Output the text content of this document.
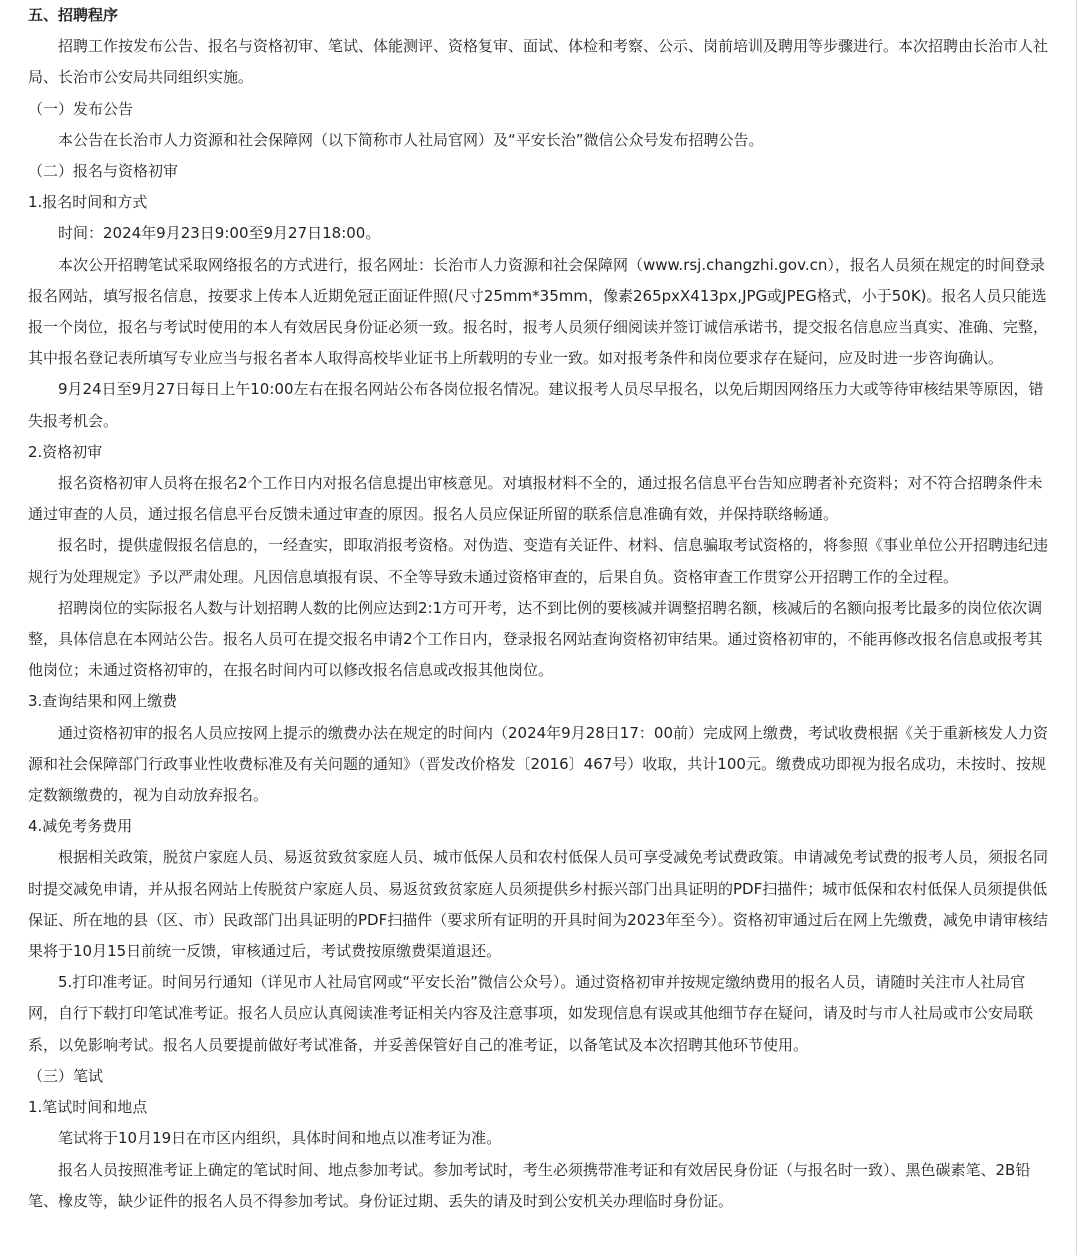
五、招聘程序

招聘工作按发布公告、报名与资格初审、笔试、体能测评、资格复审、面试、体检和考察、公示、岗前培训及聘用等步骤进行。本次招聘由长治市人社局、长治市公安局共同组织实施。

（一）发布公告

本公告在长治市人力资源和社会保障网（以下简称市人社局官网）及“平安长治”微信公众号发布招聘公告。

（二）报名与资格初审

1.报名时间和方式

时间：2024年9月23日9:00至9月27日18:00。

本次公开招聘笔试采取网络报名的方式进行，报名网址：长治市人力资源和社会保障网（www.rsj.changzhi.gov.cn），报名人员须在规定的时间登录报名网站，填写报名信息，按要求上传本人近期免冠正面证件照(尺寸25mm*35mm，像素265pxX413px,JPG或JPEG格式，小于50K)。报名人员只能选报一个岗位，报名与考试时使用的本人有效居民身份证必须一致。报名时，报考人员须仔细阅读并签订诚信承诺书，提交报名信息应当真实、准确、完整，其中报名登记表所填写专业应当与报名者本人取得高校毕业证书上所载明的专业一致。如对报考条件和岗位要求存在疑问，应及时进一步咨询确认。

9月24日至9月27日每日上午10:00左右在报名网站公布各岗位报名情况。建议报考人员尽早报名，以免后期因网络压力大或等待审核结果等原因，错失报考机会。

2.资格初审

报名资格初审人员将在报名2个工作日内对报名信息提出审核意见。对填报材料不全的，通过报名信息平台告知应聘者补充资料；对不符合招聘条件未通过审查的人员，通过报名信息平台反馈未通过审查的原因。报名人员应保证所留的联系信息准确有效，并保持联络畅通。

报名时，提供虚假报名信息的，一经查实，即取消报考资格。对伪造、变造有关证件、材料、信息骗取考试资格的，将参照《事业单位公开招聘违纪违规行为处理规定》予以严肃处理。凡因信息填报有误、不全等导致未通过资格审查的，后果自负。资格审查工作贯穿公开招聘工作的全过程。

招聘岗位的实际报名人数与计划招聘人数的比例应达到2:1方可开考，达不到比例的要核减并调整招聘名额，核减后的名额向报考比最多的岗位依次调整，具体信息在本网站公告。报名人员可在提交报名申请2个工作日内，登录报名网站查询资格初审结果。通过资格初审的，不能再修改报名信息或报考其他岗位；未通过资格初审的，在报名时间内可以修改报名信息或改报其他岗位。

3.查询结果和网上缴费

通过资格初审的报名人员应按网上提示的缴费办法在规定的时间内（2024年9月28日17：00前）完成网上缴费，考试收费根据《关于重新核发人力资源和社会保障部门行政事业性收费标准及有关问题的通知》（晋发改价格发〔2016〕467号）收取，共计100元。缴费成功即视为报名成功，未按时、按规定数额缴费的，视为自动放弃报名。

4.减免考务费用

根据相关政策，脱贫户家庭人员、易返贫致贫家庭人员、城市低保人员和农村低保人员可享受减免考试费政策。申请减免考试费的报考人员，须报名同时提交减免申请，并从报名网站上传脱贫户家庭人员、易返贫致贫家庭人员须提供乡村振兴部门出具证明的PDF扫描件；城市低保和农村低保人员须提供低保证、所在地的县（区、市）民政部门出具证明的PDF扫描件（要求所有证明的开具时间为2023年至今）。资格初审通过后在网上先缴费，减免申请审核结果将于10月15日前统一反馈，审核通过后，考试费按原缴费渠道退还。

5.打印准考证。时间另行通知（详见市人社局官网或“平安长治”微信公众号）。通过资格初审并按规定缴纳费用的报名人员，请随时关注市人社局官网，自行下载打印笔试准考证。报名人员应认真阅读准考证相关内容及注意事项，如发现信息有误或其他细节存在疑问，请及时与市人社局或市公安局联系，以免影响考试。报名人员要提前做好考试准备，并妥善保管好自己的准考证，以备笔试及本次招聘其他环节使用。

（三）笔试

1.笔试时间和地点

笔试将于10月19日在市区内组织，具体时间和地点以准考证为准。

报名人员按照准考证上确定的笔试时间、地点参加考试。参加考试时，考生必须携带准考证和有效居民身份证（与报名时一致）、黑色碳素笔、2B铅笔、橡皮等，缺少证件的报名人员不得参加考试。身份证过期、丢失的请及时到公安机关办理临时身份证。
